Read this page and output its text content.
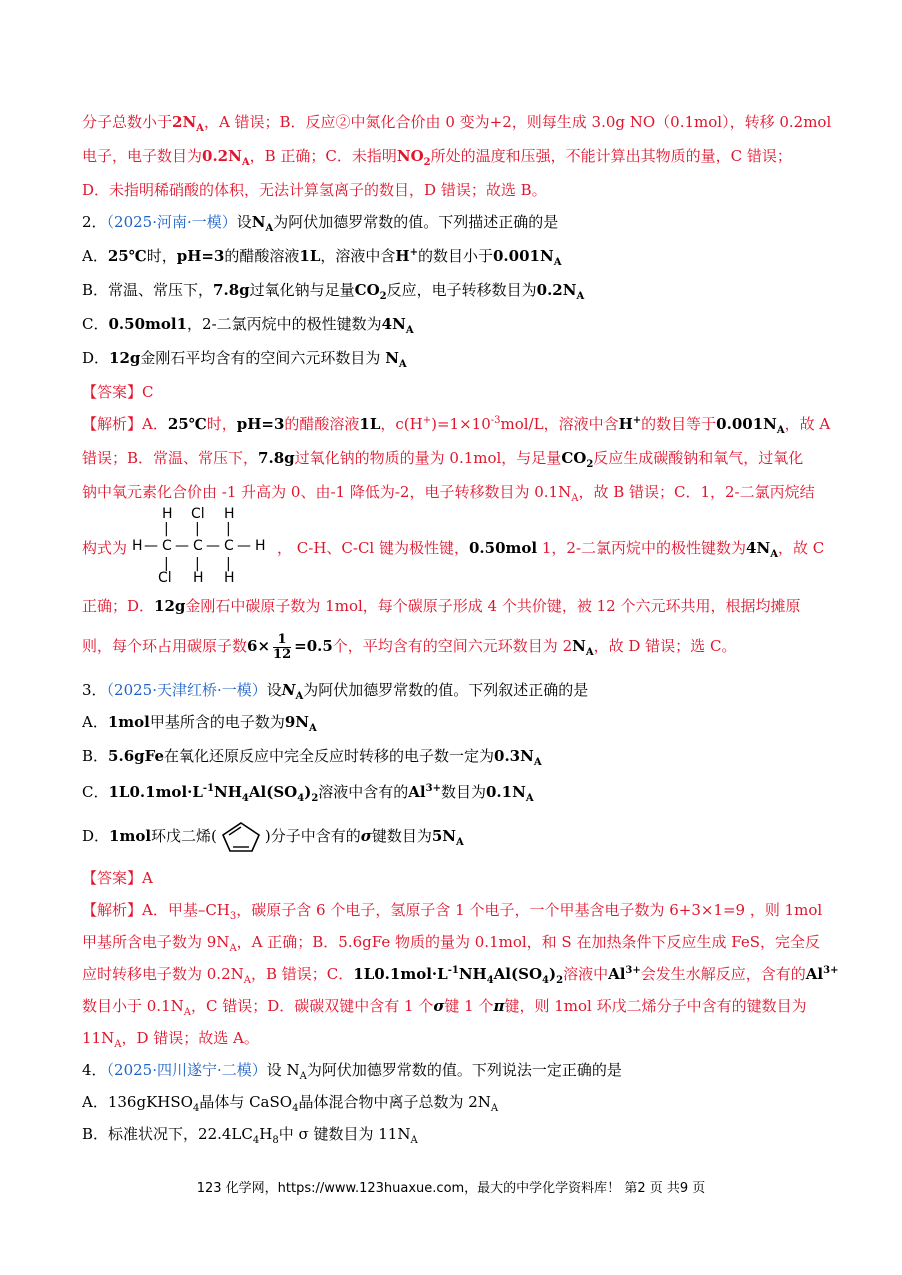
分子总数小于$2N_A$，A 错误；B．反应②中氮化合价由 0 变为+2，则每生成 3.0g NO（0.1mol），转移 0.2mol
电子，电子数目为$0.2N_A$，B 正确；C．未指明$NO_2$所处的温度和压强，不能计算出其物质的量，C 错误；
D．未指明稀硝酸的体积，无法计算氢离子的数目，D 错误；故选 B。
2．（2025·河南·一模）设$N_A$为阿伏加德罗常数的值。下列描述正确的是
A．25℃时，pH=3的醋酸溶液1L，溶液中含H+的数目小于$0.001N_A$
B．常温、常压下，7.8g过氧化钠与足量$CO_2$反应，电子转移数目为$0.2N_A$
C．0.50mol1，2-二氯丙烷中的极性键数为$4N_A$
D．12g金刚石平均含有的空间六元环数目为 $N_A$
【答案】C
【解析】A．25℃时，pH=3的醋酸溶液1L，$c(H^+)=1\times 10^{-3}mol/L$，溶液中含H+的数目等于$0.001N_A$，故 A
错误；B．常温、常压下，7.8g过氧化钠的物质的量为 0.1mol，与足量$CO_2$反应生成碳酸钠和氧气，过氧化
钠中氧元素化合价由 -1 升高为 0、由-1 降低为-2，电子转移数目为 $0.1N_A$，故 B 错误；C．1，2-二氯丙烷结
构式为	， C-H、C-Cl 键为极性键，0.50mol 1，2-二氯丙烷中的极性键数为$4N_A$，故 C
H Cl H
| | |
H — C — C — C — H
| | |
Cl H H
正确；D．12g金刚石中碳原子数为 1mol，每个碳原子形成 4 个共价键，被 12 个六元环共用，根据均摊原
则，每个环占用碳原子数$6\times \frac{1}{12} =0.5$个，平均含有的空间六元环数目为 $2N_A$，故 D 错误；选 C。
3．（2025·天津红桥·一模）设$N_A$为阿伏加德罗常数的值。下列叙述正确的是
A．1mol甲基所含的电子数为$9N_A$
B．5.6gFe在氧化还原反应中完全反应时转移的电子数一定为$0.3N_A$
C．$1L0.1mol\cdot L^{-1}NH_4Al(SO_4)_2$溶液中含有的$Al^{3+}$数目为$0.1N_A$
D．1mol环戊二烯(	)分子中含有的σ键数目为$5N_A$
【答案】A
【解析】A．甲基$-CH_3$，碳原子含 6 个电子，氢原子含 1 个电子，一个甲基含电子数为 6+3×1=9 ，则 1mol
甲基所含电子数为 $9N_A$，A 正确；B．5.6gFe 物质的量为 0.1mol，和 S 在加热条件下反应生成 FeS，完全反
应时转移电子数为 $0.2N_A$，B 错误；C．$1L0.1mol\cdot L^{-1}NH_4Al(SO_4)_2$溶液中$Al^{3+}$会发生水解反应，含有的$Al^{3+}$
数目小于 $0.1N_A$，C 错误；D．碳碳双键中含有 1 个σ键 1 个π键，则 1mol 环戊二烯分子中含有的键数目为
$11N_A$，D 错误；故选 A。
4．（2025·四川遂宁·二模）设 $N_A$为阿伏加德罗常数的值。下列说法一定正确的是
A．136gKHSO$_4$晶体与 CaSO$_4$晶体混合物中离子总数为 $2N_A$
B．标准状况下，$22.4LC_4H_8$中 σ 键数目为 $11N_A$
123 化学网，https://www.123huaxue.com，最大的中学化学资料库！ 第2 页 共9 页
